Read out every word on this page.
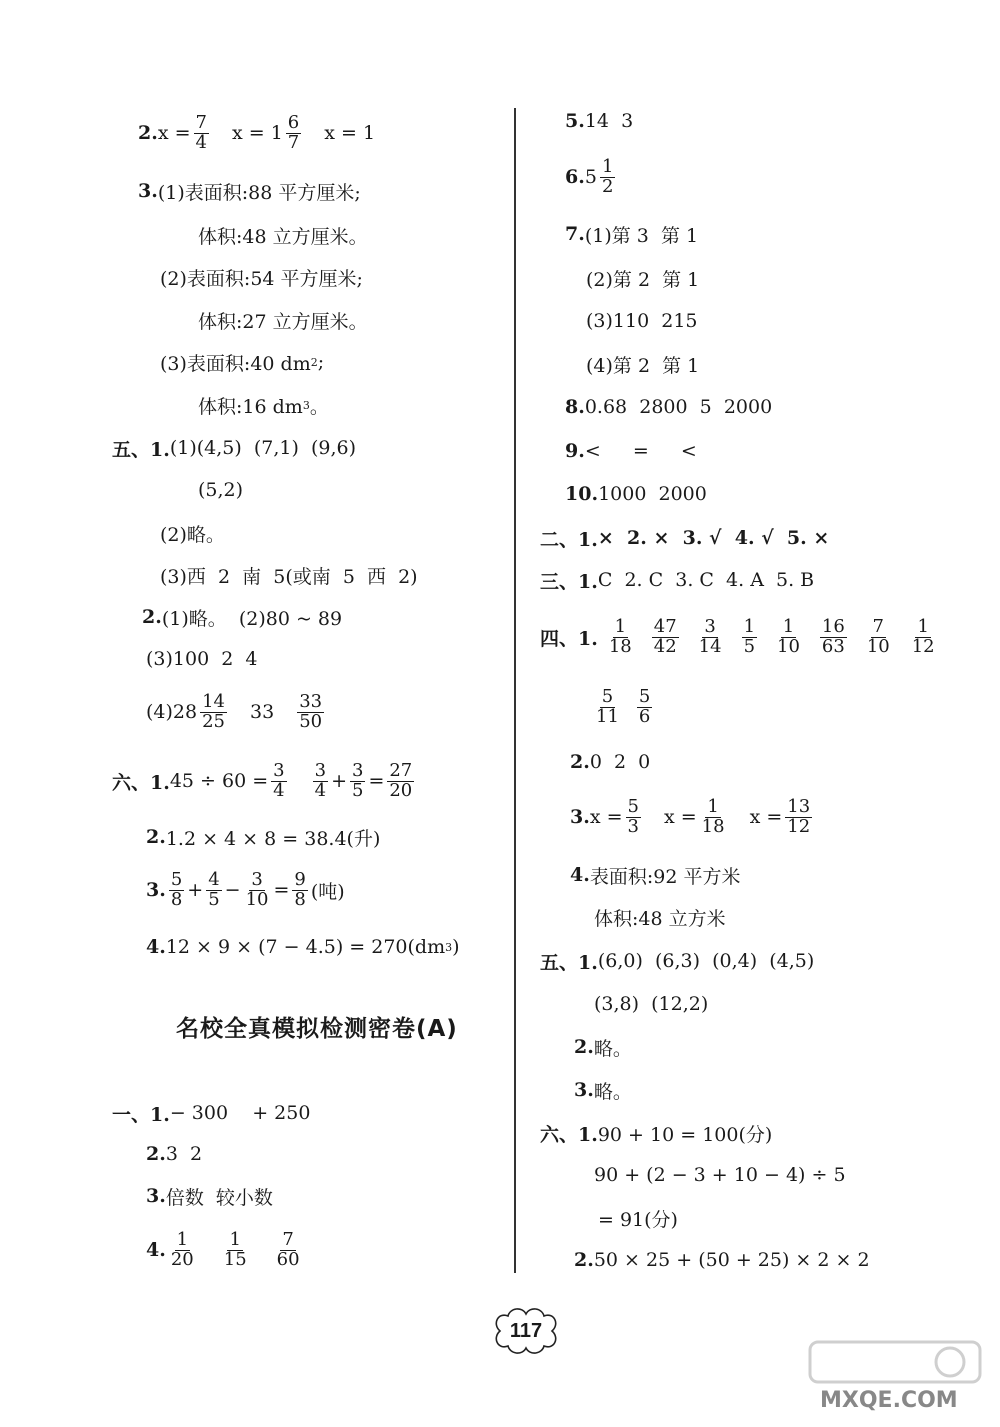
2. $x = \frac{7}{4}$ $x = 1 \frac{6}{7}$ x = 1
3. (1)表面积:88 平方厘米;
体积:48 立方厘米。
(2)表面积:54 平方厘米;
体积:27 立方厘米。
(3)表面积:40 dm 2 ;
体积:16 dm 3 。
五、1. (1)(4,5)  (7,1)  (9,6)
(5,2)
(2)略。
(3)西  2  南  5(或南  5  西  2)
2. (1)略。  (2)80 ~ 89
(3)100  2  4
$(4)28 \frac{14}{25} 33 \frac{33}{50}$
六、1. $45 \div 60 = \frac{3}{4} \frac{3}{4} + \frac{3}{5} = \frac{27}{20}$
2. 1.2 × 4 × 8 = 38.4(升)
3. $\frac{5}{8} + \frac{4}{5} - \frac{3}{10} = \frac{9}{8}$ (吨)
4. 12 × 9 × (7 − 4.5) = 270(dm 3 )
名校全真模拟检测密卷(A)
一、1. − 300    + 250
2. 3  2
3. 倍数  较小数
4. $\frac{1}{20} \frac{1}{15} \frac{7}{60}$
5. 14  3
6. $5 \frac{1}{2}$
7. (1)第 3  第 1
(2)第 2  第 1
(3)110  215
(4)第 2  第 1
8. 0.68  2800  5  2000
9. <  =  <
10. 1000  2000
二、1. ×  2. ×  3. √  4. √  5. ×
三、1. C  2. C  3. C  4. A  5. B
四、1. $\frac{1}{18} \frac{47}{42} \frac{3}{14} \frac{1}{5} \frac{1}{10} \frac{16}{63} \frac{7}{10} \frac{1}{12}$
$\frac{5}{11} \frac{5}{6}$
2. 0  2  0
3. $x = \frac{5}{3}$ $x = \frac{1}{18}$ $x = \frac{13}{12}$
4. 表面积:92 平方米
体积:48 立方米
五、1. (6,0)  (6,3)  (0,4)  (4,5)
(3,8)  (12,2)
2. 略。
3. 略。
六、1. 90 + 10 = 100(分)
90 + (2 − 3 + 10 − 4) ÷ 5
= 91(分)
2. 50 × 25 + (50 + 25) × 2 × 2
117
MXQE.COM
